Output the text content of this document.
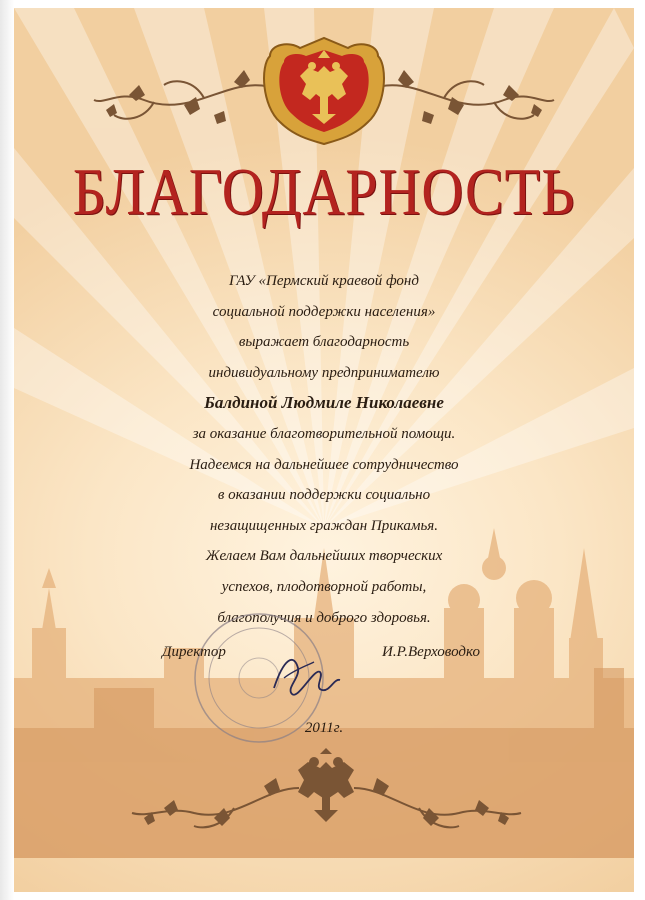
БЛАГОДАРНОСТЬ
ГАУ «Пермский краевой фонд
социальной поддержки населения»
выражает благодарность
индивидуальному предпринимателю
Балдиной Людмиле Николаевне
за оказание благотворительной помощи.
Надеемся на дальнейшее сотрудничество
в оказании поддержки социально
незащищенных граждан Прикамья.
Желаем Вам дальнейших творческих
успехов, плодотворной работы,
благополучия и доброго здоровья.
Директор	И.Р.Верховодко
2011г.
